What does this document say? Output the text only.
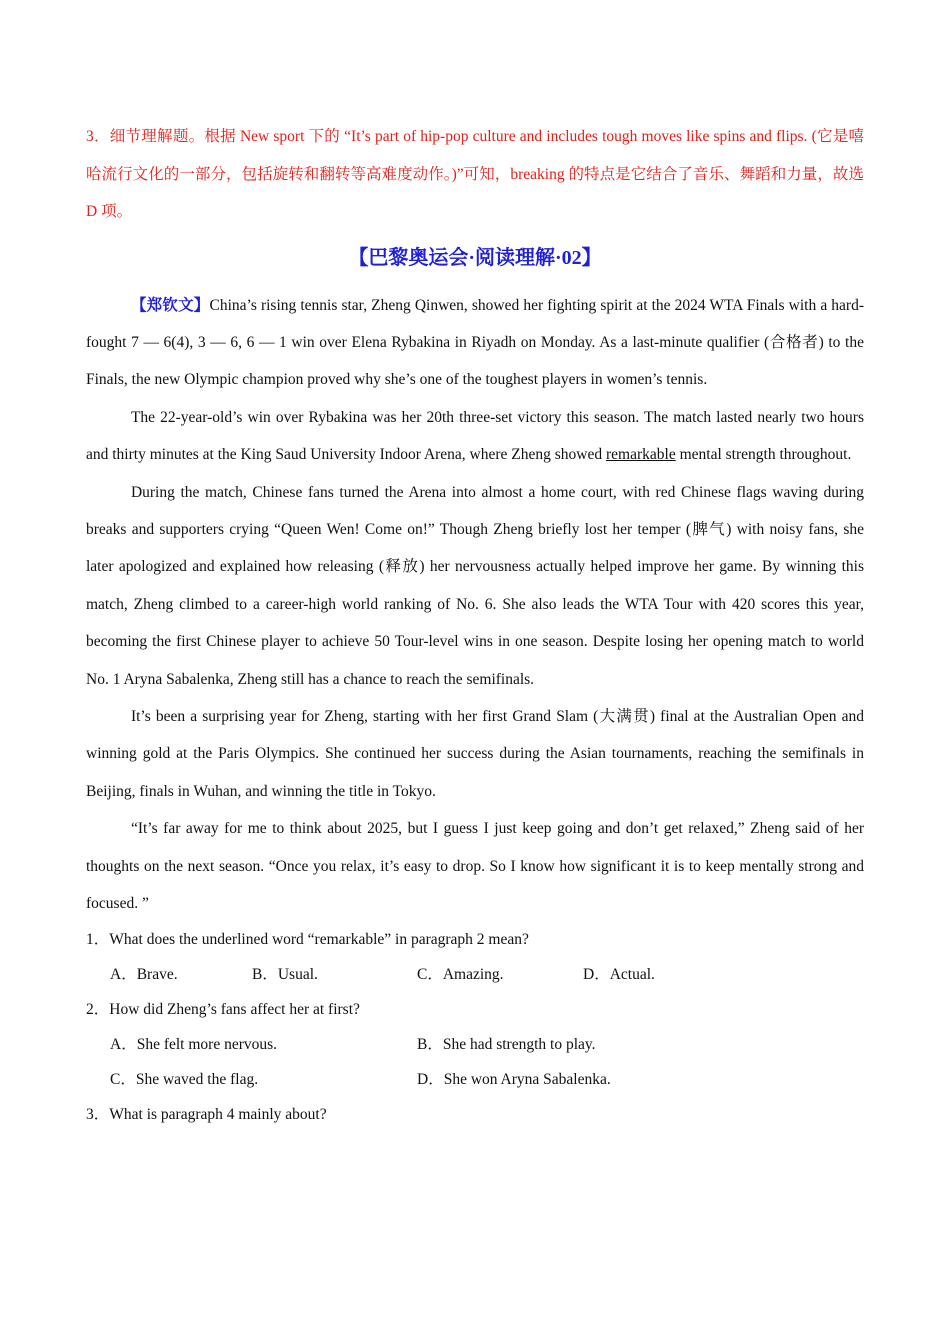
3．细节理解题。根据 New sport 下的 “It’s part of hip-pop culture and includes tough moves like spins and flips. (它是嘻哈流行文化的一部分，包括旋转和翻转等高难度动作。)”可知，breaking 的特点是它结合了音乐、舞蹈和力量，故选 D 项。

【巴黎奥运会·阅读理解·02】

【郑钦文】China’s rising tennis star, Zheng Qinwen, showed her fighting spirit at the 2024 WTA Finals with a hard-fought 7 — 6(4), 3 — 6, 6 — 1 win over Elena Rybakina in Riyadh on Monday. As a last-minute qualifier (合格者) to the Finals, the new Olympic champion proved why she’s one of the toughest players in women’s tennis.

The 22-year-old’s win over Rybakina was her 20th three-set victory this season. The match lasted nearly two hours and thirty minutes at the King Saud University Indoor Arena, where Zheng showed remarkable mental strength throughout.

During the match, Chinese fans turned the Arena into almost a home court, with red Chinese flags waving during breaks and supporters crying “Queen Wen! Come on!” Though Zheng briefly lost her temper (脾气) with noisy fans, she later apologized and explained how releasing (释放) her nervousness actually helped improve her game. By winning this match, Zheng climbed to a career-high world ranking of No. 6. She also leads the WTA Tour with 420 scores this year, becoming the first Chinese player to achieve 50 Tour-level wins in one season. Despite losing her opening match to world No. 1 Aryna Sabalenka, Zheng still has a chance to reach the semifinals.

It’s been a surprising year for Zheng, starting with her first Grand Slam (大满贯) final at the Australian Open and winning gold at the Paris Olympics. She continued her success during the Asian tournaments, reaching the semifinals in Beijing, finals in Wuhan, and winning the title in Tokyo.

“It’s far away for me to think about 2025, but I guess I just keep going and don’t get relaxed,” Zheng said of her thoughts on the next season. “Once you relax, it’s easy to drop. So I know how significant it is to keep mentally strong and focused. ”

1．What does the underlined word “remarkable” in paragraph 2 mean?

A．Brave.	B．Usual.	C．Amazing.	D．Actual.

2．How did Zheng’s fans affect her at first?

A．She felt more nervous.	B．She had strength to play.
C．She waved the flag.	D．She won Aryna Sabalenka.

3．What is paragraph 4 mainly about?
